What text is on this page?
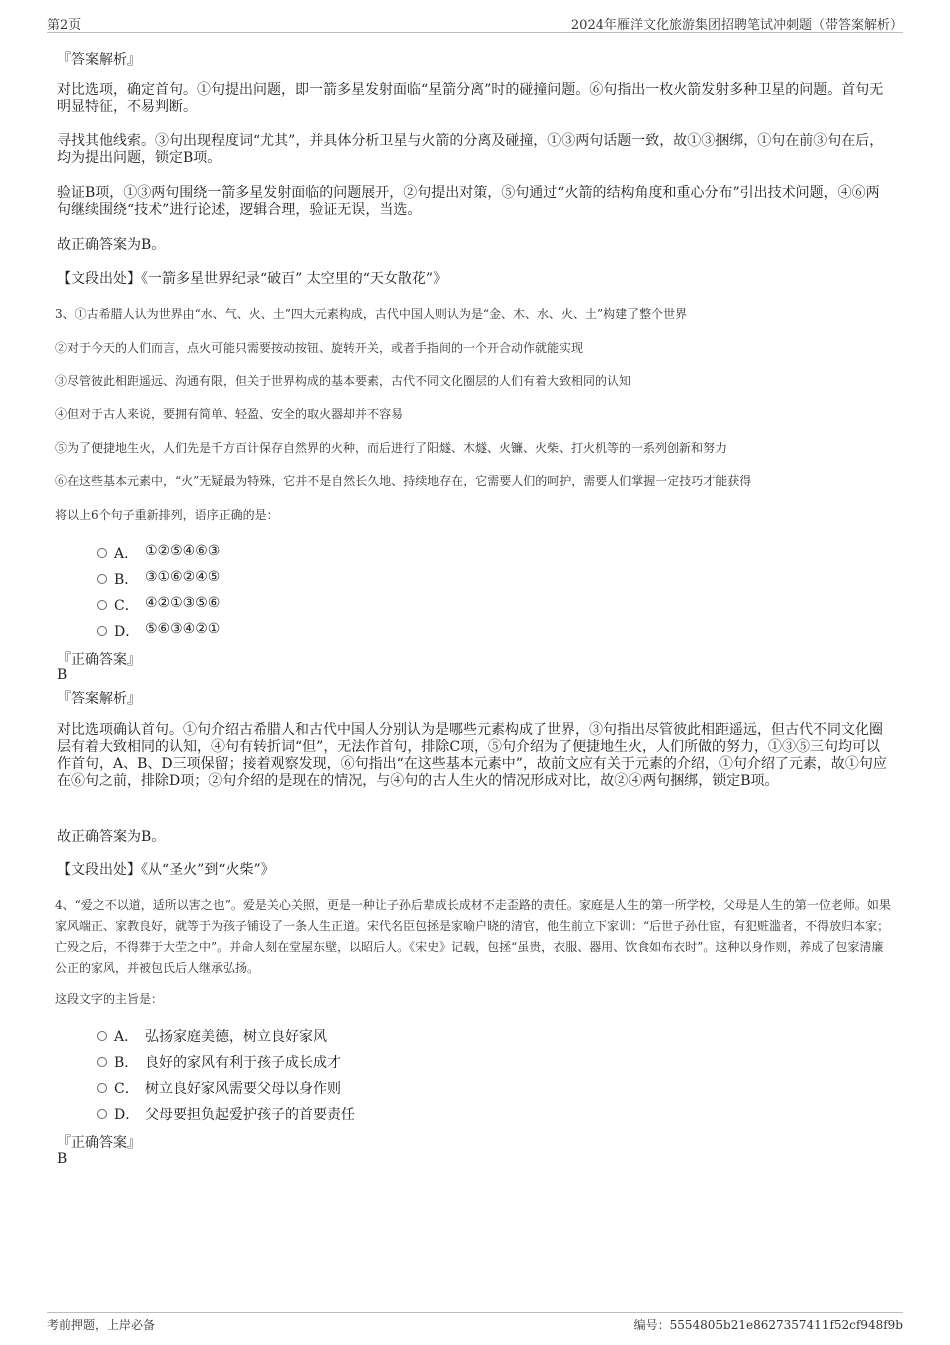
第2页	2024年雁洋文化旅游集团招聘笔试冲刺题（带答案解析）
『答案解析』
对比选项，确定首句。①句提出问题，即一箭多星发射面临“星箭分离”时的碰撞问题。⑥句指出一枚火箭发射多种卫星的问题。首句无明显特征，不易判断。
寻找其他线索。③句出现程度词“尤其”，并具体分析卫星与火箭的分离及碰撞，①③两句话题一致，故①③捆绑，①句在前③句在后，均为提出问题，锁定B项。
验证B项，①③两句围绕一箭多星发射面临的问题展开，②句提出对策，⑤句通过“火箭的结构角度和重心分布”引出技术问题，④⑥两句继续围绕“技术”进行论述，逻辑合理，验证无误，当选。
故正确答案为B。
【文段出处】《一箭多星世界纪录“破百” 太空里的“天女散花”》
3、①古希腊人认为世界由“水、气、火、土”四大元素构成，古代中国人则认为是“金、木、水、火、土”构建了整个世界
②对于今天的人们而言，点火可能只需要按动按钮、旋转开关，或者手指间的一个开合动作就能实现
③尽管彼此相距遥远、沟通有限，但关于世界构成的基本要素，古代不同文化圈层的人们有着大致相同的认知
④但对于古人来说，要拥有简单、轻盈、安全的取火器却并不容易
⑤为了便捷地生火，人们先是千方百计保存自然界的火种，而后进行了阳燧、木燧、火镰、火柴、打火机等的一系列创新和努力
⑥在这些基本元素中，“火”无疑最为特殊，它并不是自然长久地、持续地存在，它需要人们的呵护，需要人们掌握一定技巧才能获得
将以上6个句子重新排列，语序正确的是：
A． ①②⑤④⑥③
B． ③①⑥②④⑤
C． ④②①③⑤⑥
D． ⑤⑥③④②①
『正确答案』
B
『答案解析』
对比选项确认首句。①句介绍古希腊人和古代中国人分别认为是哪些元素构成了世界，③句指出尽管彼此相距遥远，但古代不同文化圈层有着大致相同的认知，④句有转折词“但”，无法作首句，排除C项，⑤句介绍为了便捷地生火，人们所做的努力，①③⑤三句均可以作首句，A、B、D三项保留；接着观察发现，⑥句指出“在这些基本元素中”，故前文应有关于元素的介绍，①句介绍了元素，故①句应在⑥句之前，排除D项；②句介绍的是现在的情况，与④句的古人生火的情况形成对比，故②④两句捆绑，锁定B项。
故正确答案为B。
【文段出处】《从“圣火”到“火柴”》
4、“爱之不以道，适所以害之也”。爱是关心关照，更是一种让子孙后辈成长成材不走歪路的责任。家庭是人生的第一所学校，父母是人生的第一位老师。如果家风端正、家教良好，就等于为孩子铺设了一条人生正道。宋代名臣包拯是家喻户晓的清官，他生前立下家训：“后世子孙仕宦，有犯赃滥者，不得放归本家；亡殁之后，不得葬于大茔之中”。并命人刻在堂屋东壁，以昭后人。《宋史》记载，包拯“虽贵，衣服、器用、饮食如布衣时”。这种以身作则，养成了包家清廉公正的家风，并被包氏后人继承弘扬。
这段文字的主旨是：
A． 弘扬家庭美德，树立良好家风
B． 良好的家风有利于孩子成长成才
C． 树立良好家风需要父母以身作则
D． 父母要担负起爱护孩子的首要责任
『正确答案』
B
考前押题，上岸必备	编号：5554805b21e8627357411f52cf948f9b
